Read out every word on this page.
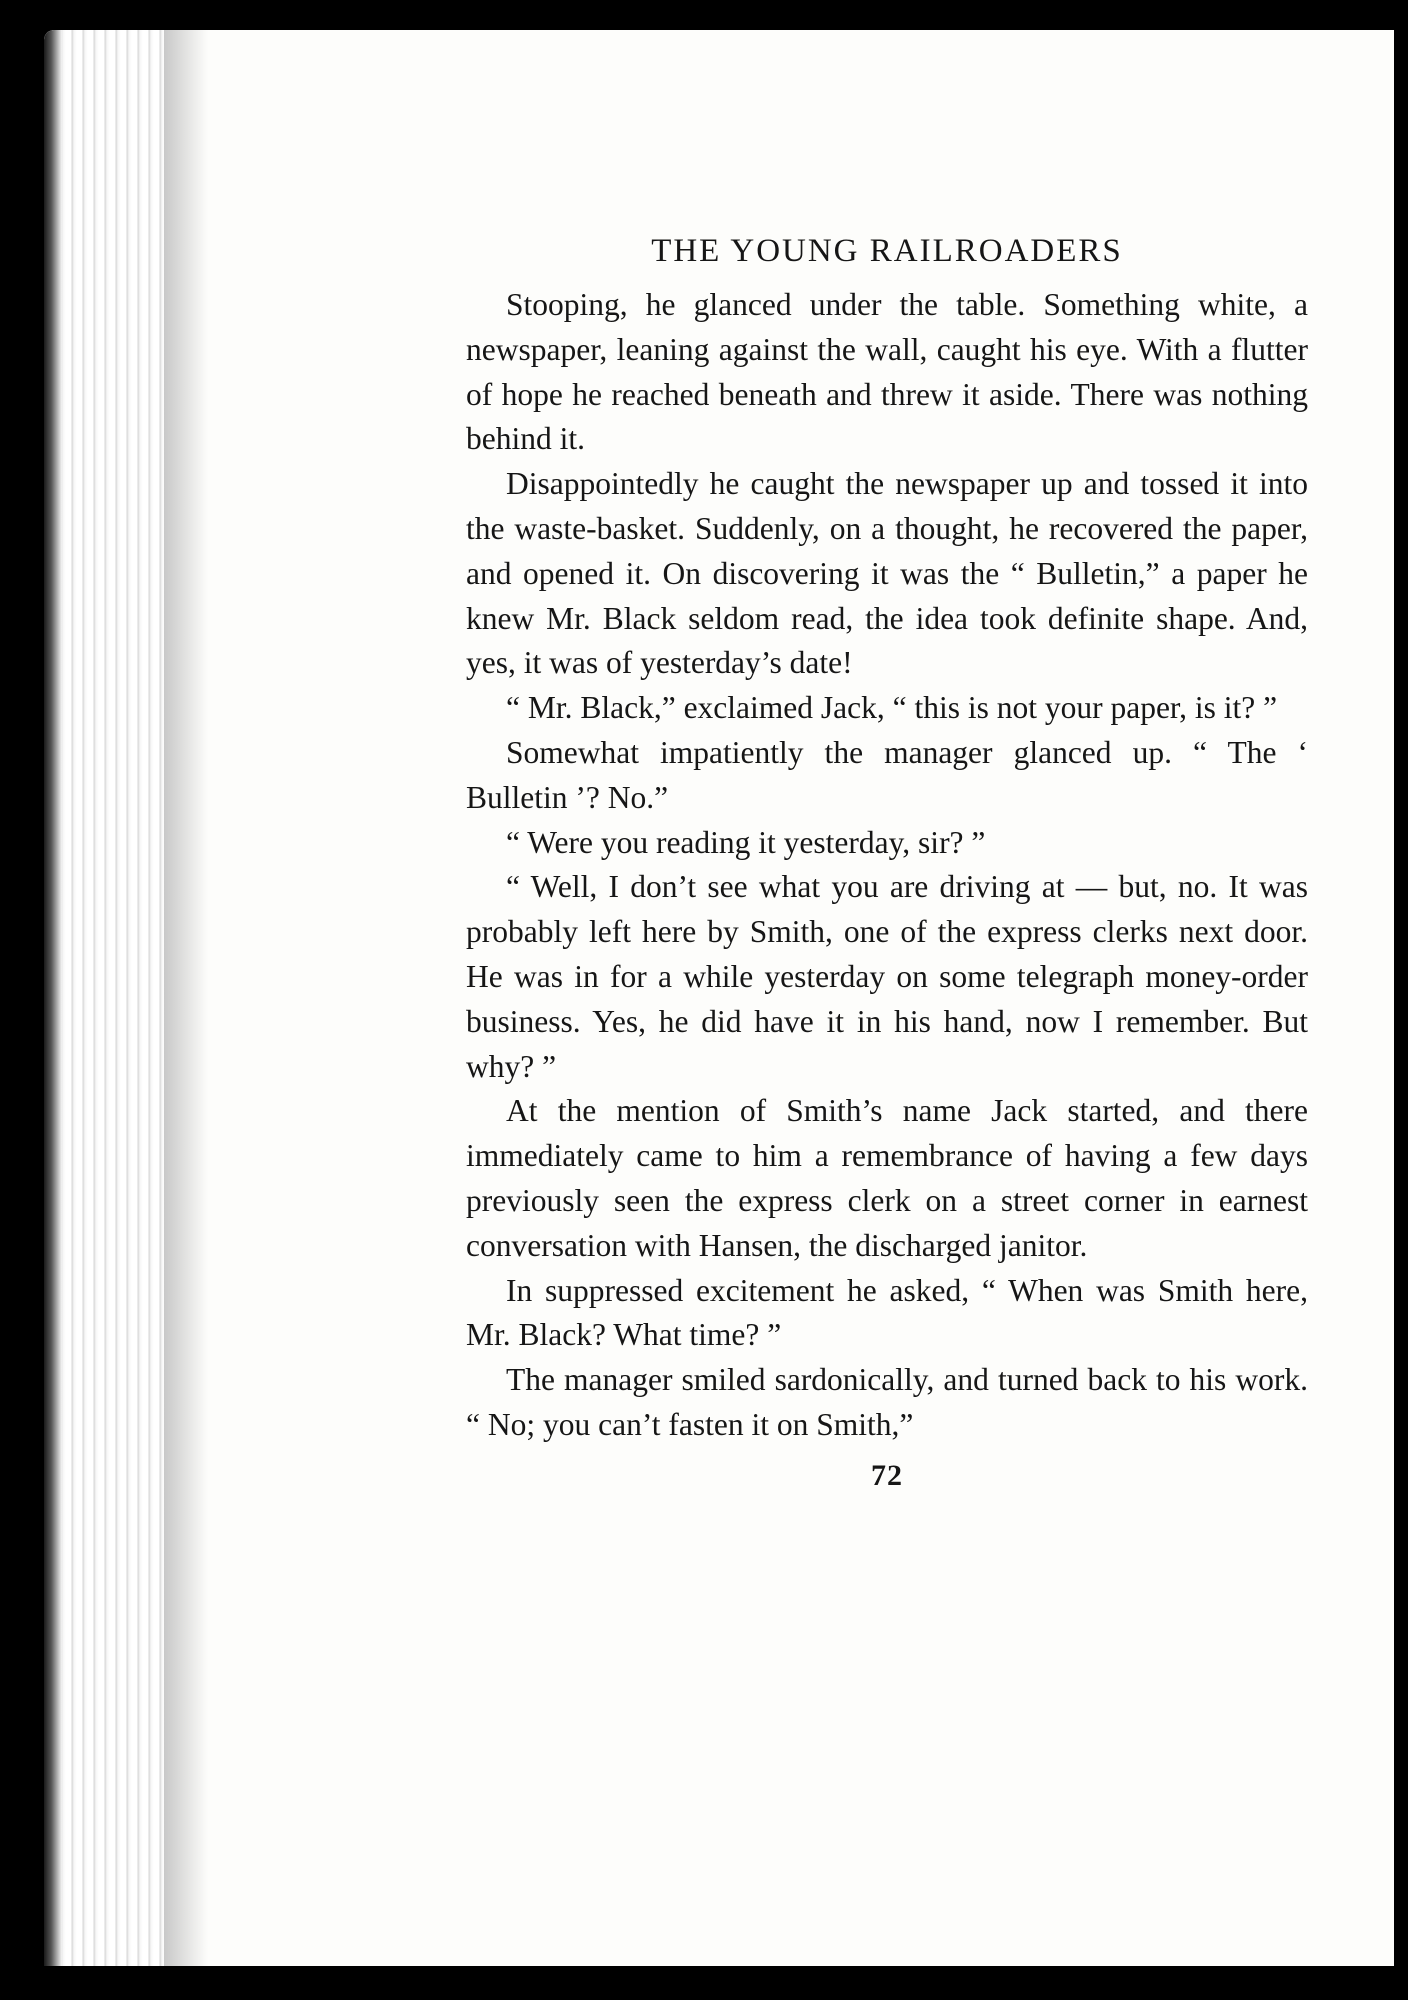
THE YOUNG RAILROADERS

Stooping, he glanced under the table. Something white, a newspaper, leaning against the wall, caught his eye. With a flutter of hope he reached beneath and threw it aside. There was nothing behind it.

Disappointedly he caught the newspaper up and tossed it into the waste-basket. Suddenly, on a thought, he recovered the paper, and opened it. On discovering it was the “ Bulletin,” a paper he knew Mr. Black seldom read, the idea took definite shape. And, yes, it was of yesterday’s date!

“ Mr. Black,” exclaimed Jack, “ this is not your paper, is it? ”

Somewhat impatiently the manager glanced up. “ The ‘ Bulletin ’? No.”

“ Were you reading it yesterday, sir? ”

“ Well, I don’t see what you are driving at — but, no. It was probably left here by Smith, one of the express clerks next door. He was in for a while yesterday on some telegraph money-order business. Yes, he did have it in his hand, now I remember. But why? ”

At the mention of Smith’s name Jack started, and there immediately came to him a remembrance of having a few days previously seen the express clerk on a street corner in earnest conversation with Hansen, the discharged janitor.

In suppressed excitement he asked, “ When was Smith here, Mr. Black? What time? ”

The manager smiled sardonically, and turned back to his work. “ No; you can’t fasten it on Smith,”

72
